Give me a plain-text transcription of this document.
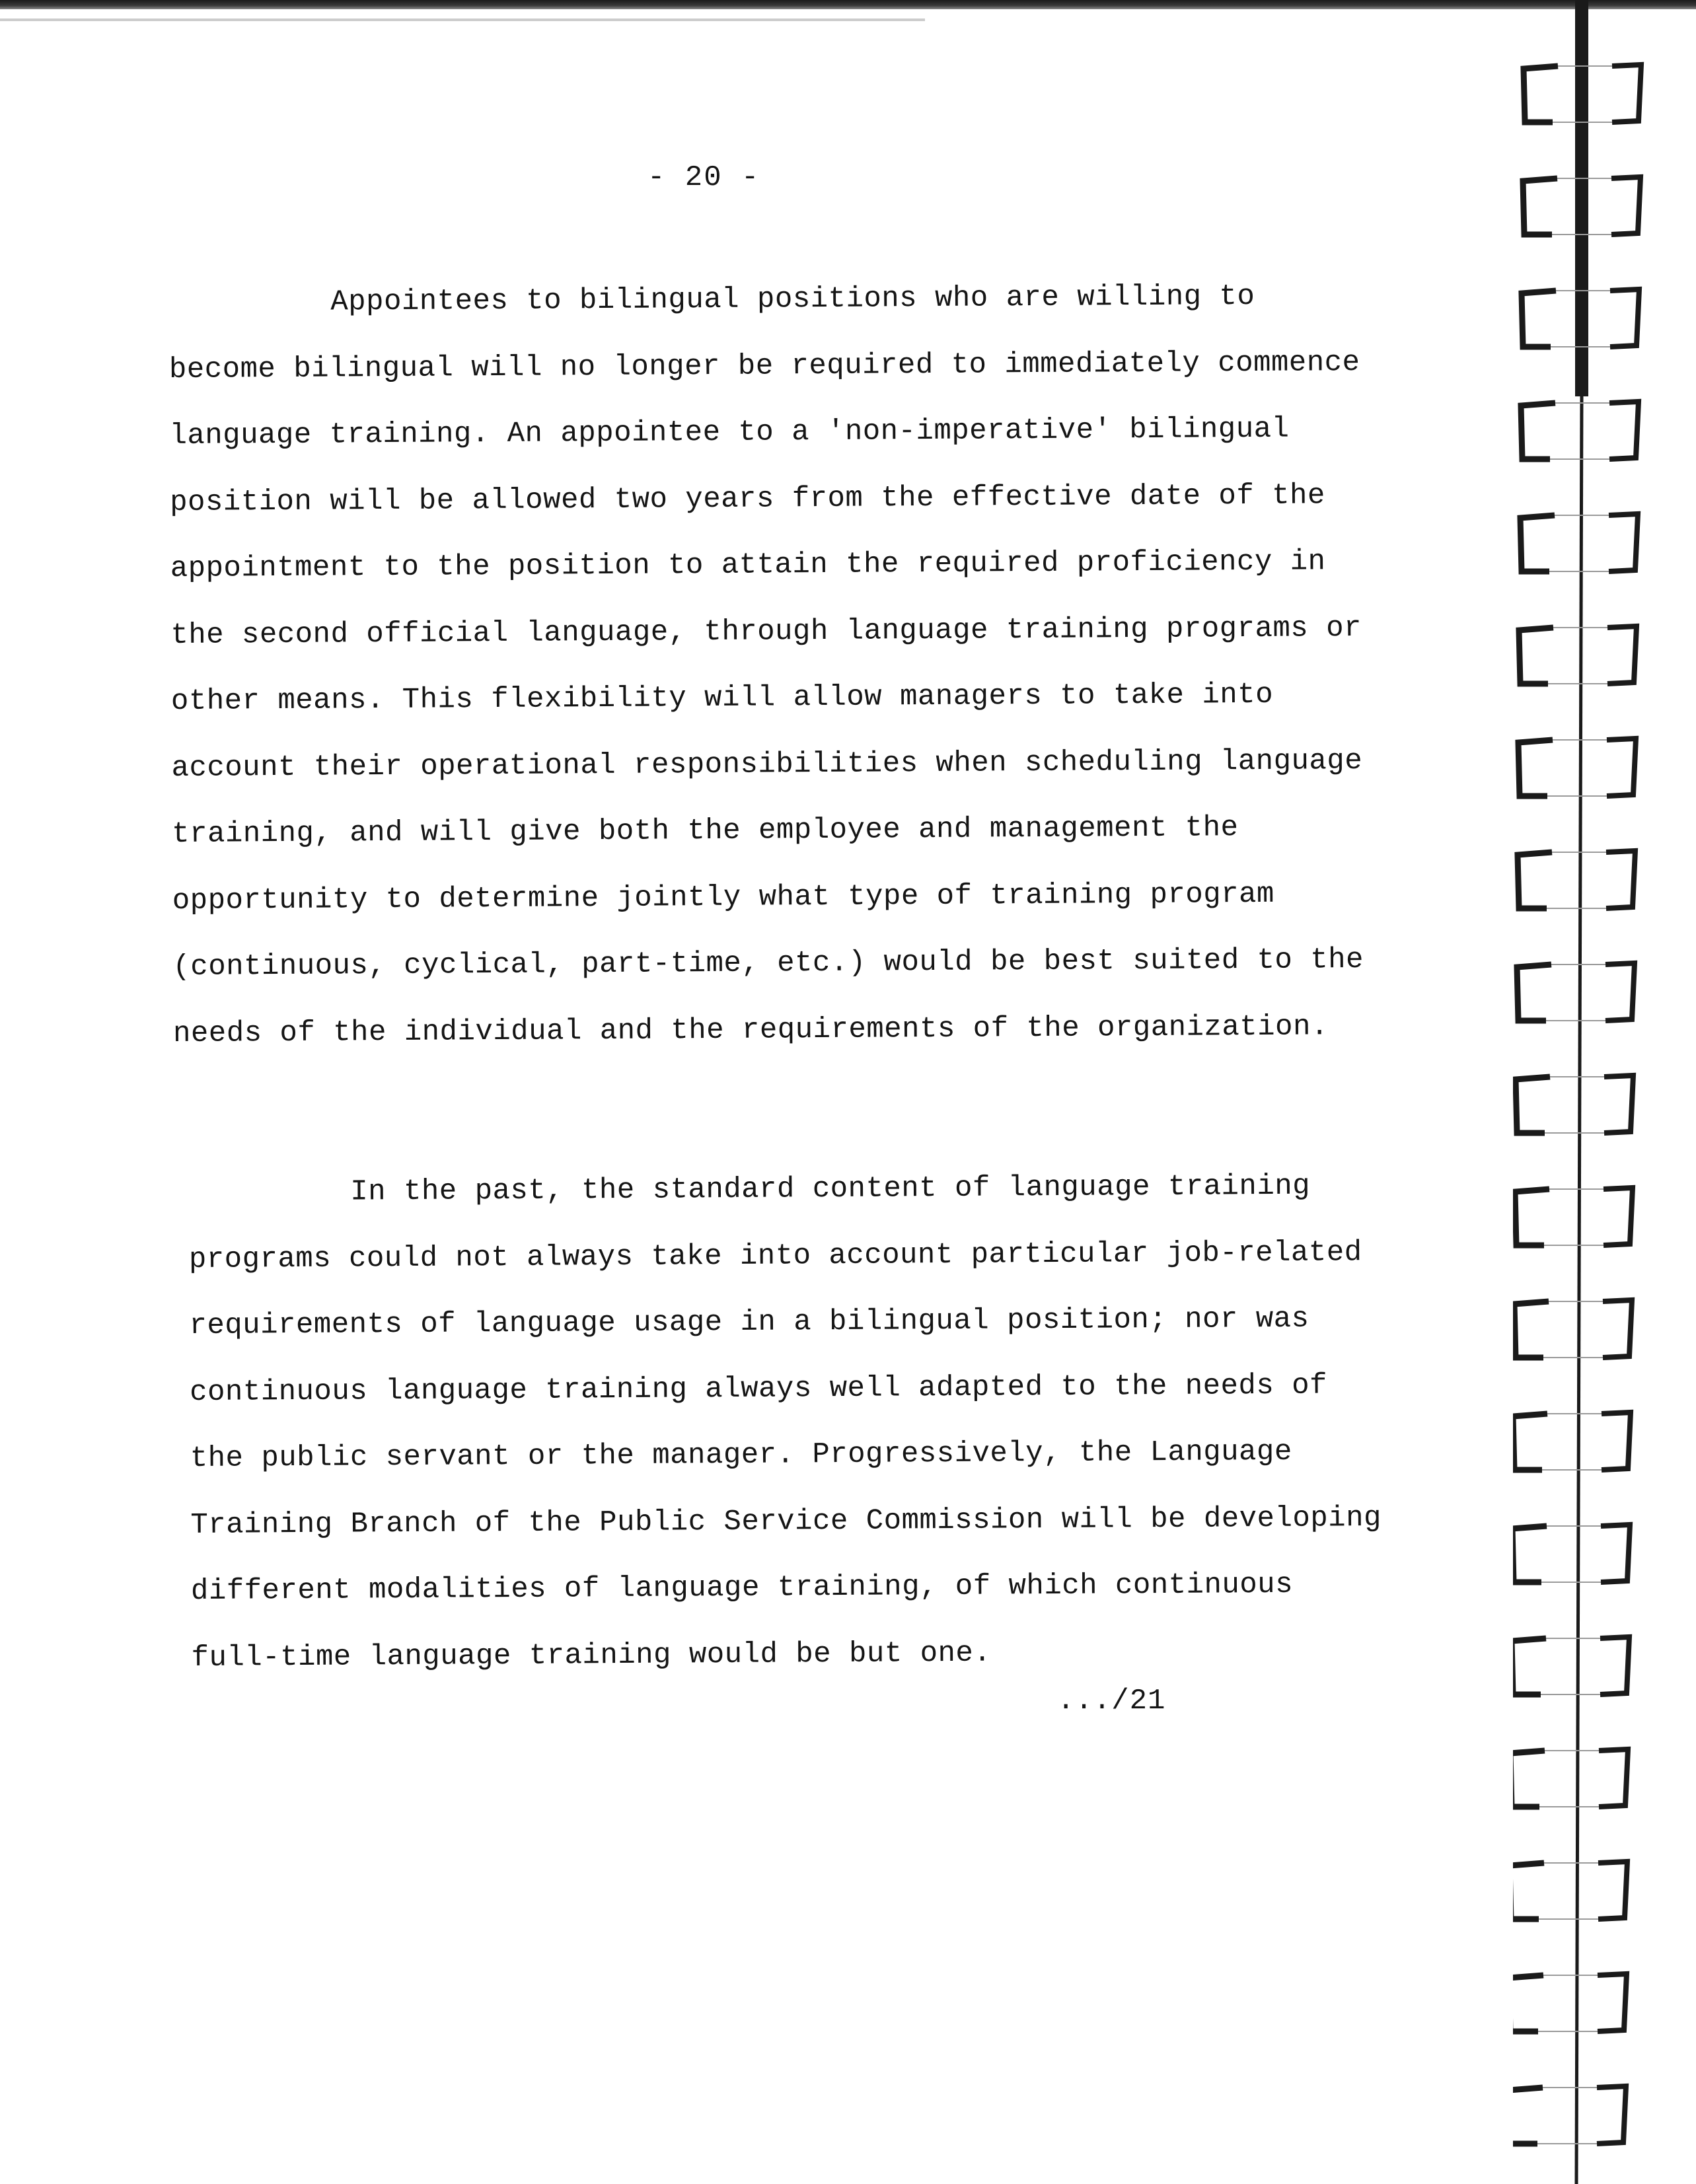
- 20 -

Appointees to bilingual positions who are willing to
become bilingual will no longer be required to immediately commence
language training. An appointee to a 'non-imperative' bilingual
position will be allowed two years from the effective date of the
appointment to the position to attain the required proficiency in
the second official language, through language training programs or
other means. This flexibility will allow managers to take into
account their operational responsibilities when scheduling language
training, and will give both the employee and management the
opportunity to determine jointly what type of training program
(continuous, cyclical, part-time, etc.) would be best suited to the
needs of the individual and the requirements of the organization.

In the past, the standard content of language training
programs could not always take into account particular job-related
requirements of language usage in a bilingual position; nor was
continuous language training always well adapted to the needs of
the public servant or the manager. Progressively, the Language
Training Branch of the Public Service Commission will be developing
different modalities of language training, of which continuous
full-time language training would be but one.

.../21
